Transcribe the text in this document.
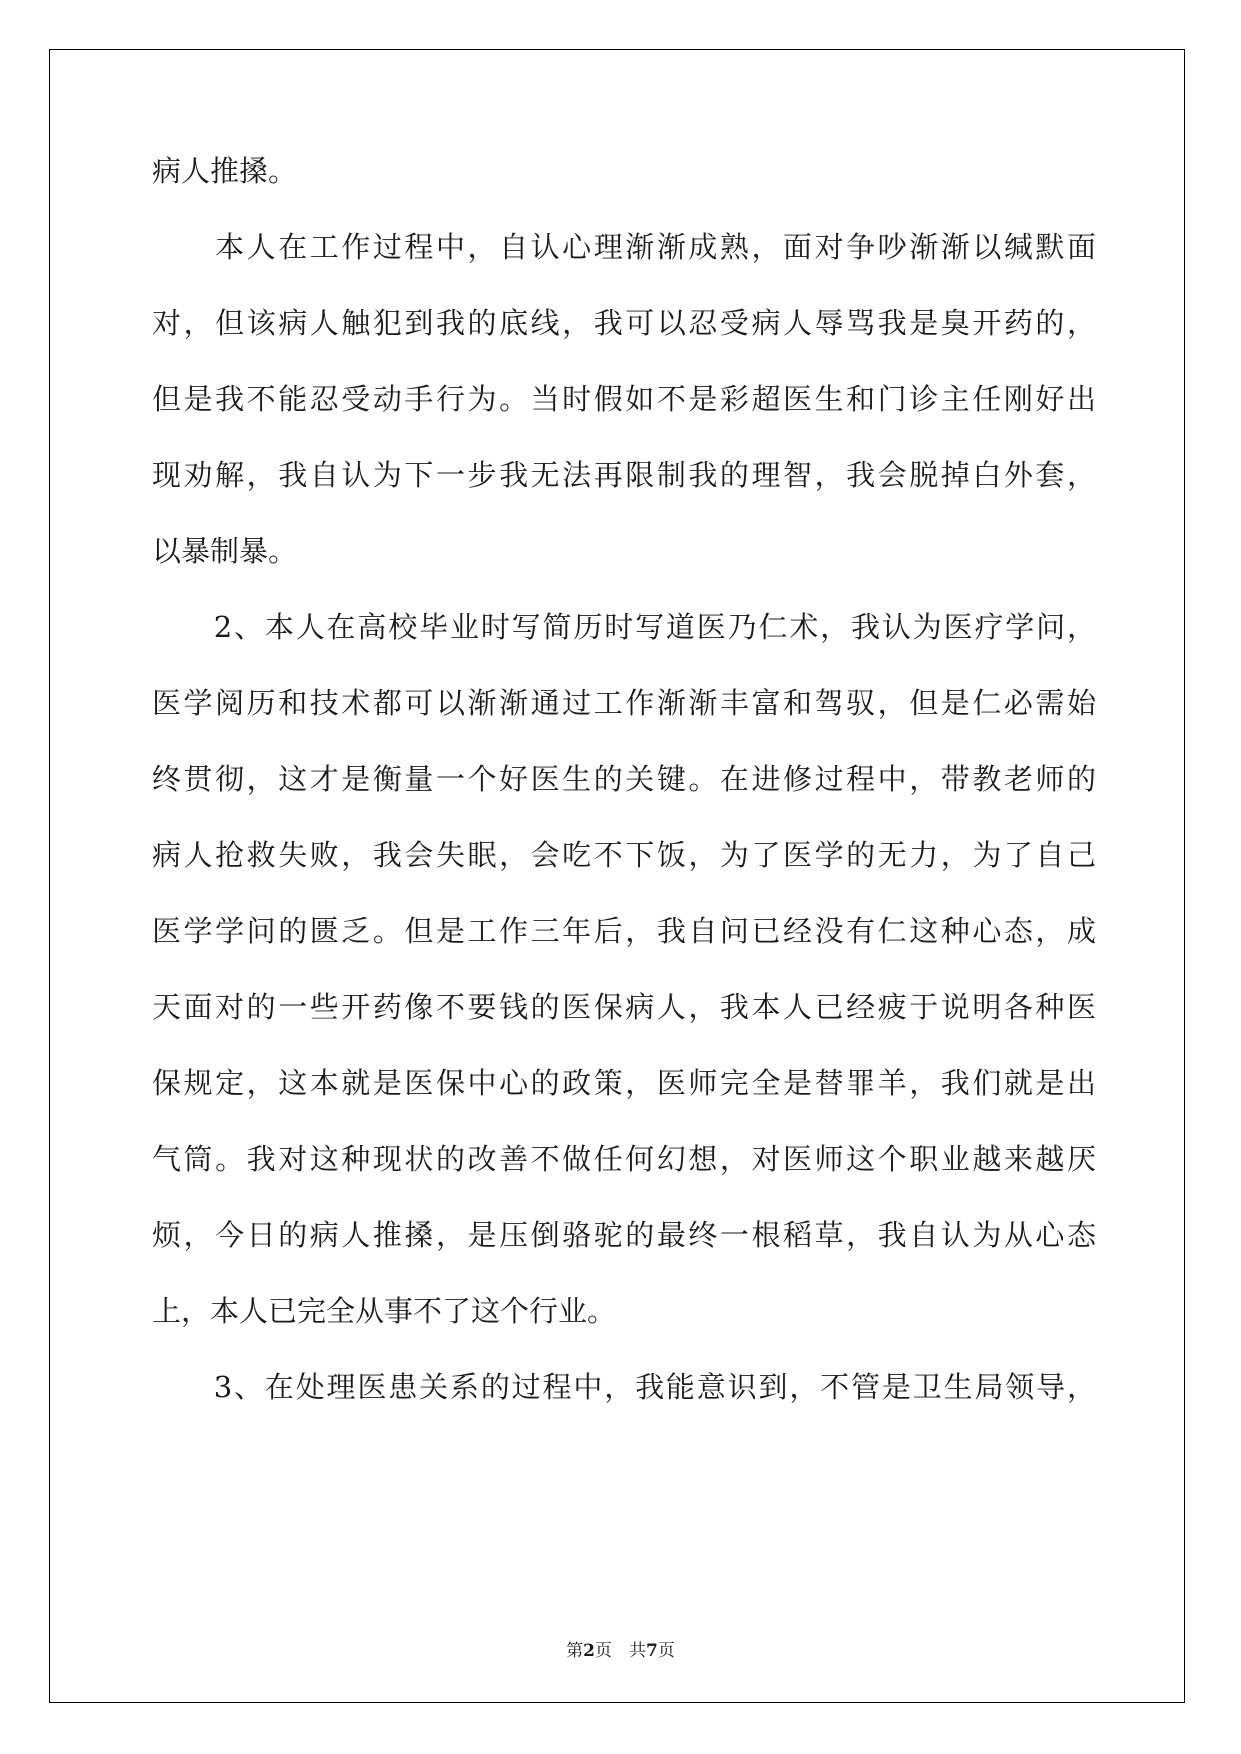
病人推搡。
　　本人在工作过程中，自认心理渐渐成熟，面对争吵渐渐以缄默面
对，但该病人触犯到我的底线，我可以忍受病人辱骂我是臭开药的，
但是我不能忍受动手行为。当时假如不是彩超医生和门诊主任刚好出
现劝解，我自认为下一步我无法再限制我的理智，我会脱掉白外套，
以暴制暴。
　　2、本人在高校毕业时写简历时写道医乃仁术，我认为医疗学问，
医学阅历和技术都可以渐渐通过工作渐渐丰富和驾驭，但是仁必需始
终贯彻，这才是衡量一个好医生的关键。在进修过程中，带教老师的
病人抢救失败，我会失眠，会吃不下饭，为了医学的无力，为了自己
医学学问的匮乏。但是工作三年后，我自问已经没有仁这种心态，成
天面对的一些开药像不要钱的医保病人，我本人已经疲于说明各种医
保规定，这本就是医保中心的政策，医师完全是替罪羊，我们就是出
气筒。我对这种现状的改善不做任何幻想，对医师这个职业越来越厌
烦，今日的病人推搡，是压倒骆驼的最终一根稻草，我自认为从心态
上，本人已完全从事不了这个行业。
　　3、在处理医患关系的过程中，我能意识到，不管是卫生局领导，
第2页　共7页
